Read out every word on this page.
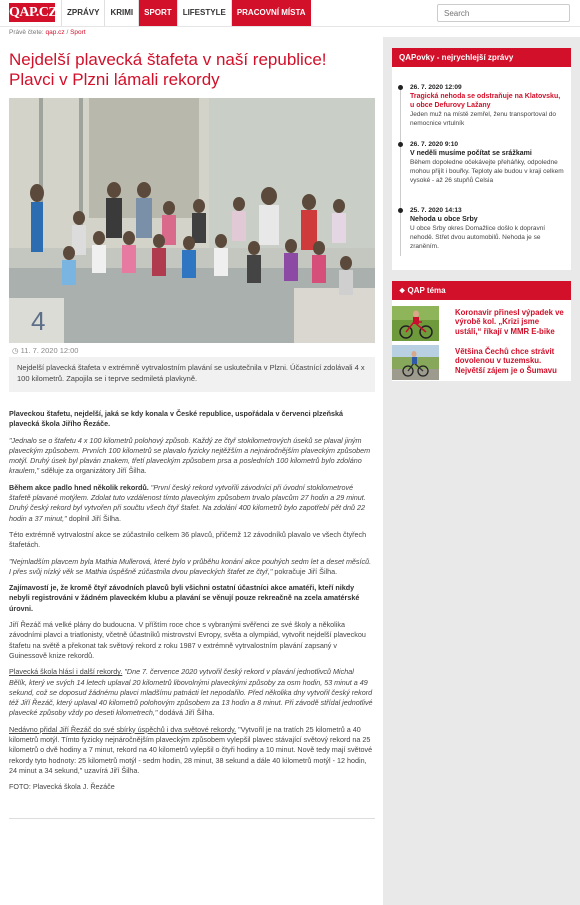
QAP.CZ	ZPRÁVY	KRIMI	SPORT	LIFESTYLE	PRACOVNÍ MÍSTA
Search
Právě čtete: qap.cz / Sport
Nejdelší plavecká štafeta v naší republice! Plavci v Plzni lámali rekordy
4
◷ 11. 7. 2020 12:00
Nejdelší plavecká štafeta v extrémně vytrvalostním plavání se uskutečnila v Plzni. Účastnící zdolávali 4 x 100 kilometrů. Zapojila se i teprve sedmiletá plavkyně.

Plaveckou štafetu, nejdelší, jaká se kdy konala v České republice, uspořádala v červenci plzeňská plavecká škola Jiřího Řezáče.

"Jednalo se o štafetu 4 x 100 kilometrů polohový způsob. Každý ze čtyř stokilometrových úseků se plaval jiným plaveckým způsobem. Prvních 100 kilometrů se plavalo fyzicky nejtěžším a nejnáročnějším plaveckým způsobem motýl. Druhý úsek byl plaván znakem, třetí plaveckým způsobem prsa a posledních 100 kilometrů bylo zdoláno kraulem," sděluje za organizátory Jiří Šilha.

Během akce padlo hned několik rekordů. "První český rekord vytvořili závodníci při úvodní stokilometrové štafetě plavané motýlem. Zdolat tuto vzdálenost tímto plaveckým způsobem trvalo plavcům 27 hodin a 29 minut. Druhý český rekord byl vytvořen při součtu všech čtyř štafet. Na zdolání 400 kilometrů bylo zapotřebí pět dnů 22 hodin a 37 minut," doplnil Jiří Šilha.

Této extrémně vytrvalostní akce se zúčastnilo celkem 36 plavců, přičemž 12 závodníků plavalo ve všech čtyřech štafetách.

"Nejmladším plavcem byla Mathia Mullerová, které bylo v průběhu konání akce pouhých sedm let a deset měsíců. I přes svůj nízký věk se Mathia úspěšně zúčastnila dvou plaveckých štafet ze čtyř," pokračuje Jiří Šilha.

Zajímavostí je, že kromě čtyř závodních plavců byli všichni ostatní účastníci akce amatéři, kteří nikdy nebyli registrováni v žádném plaveckém klubu a plavání se věnují pouze rekreačně na zcela amatérské úrovni.

Jiří Řezáč má velké plány do budoucna. V příštím roce chce s vybranými svěřenci ze své školy a několika závodními plavci a triatlonisty, včetně účastníků mistrovství Evropy, světa a olympiád, vytvořit nejdelší plaveckou štafetu na světě a překonat tak světový rekord z roku 1987 v extrémně vytrvalostním plavání zapsaný v Guinessově knize rekordů.

Plavecká škola hlásí i další rekordy. "Dne 7. července 2020 vytvořil český rekord v plavání jednotlivců Michal Bělík, který ve svých 14 letech uplaval 20 kilometrů libovolnými plaveckými způsoby za osm hodin, 53 minut a 49 sekund, což se doposud žádnému plavci mladšímu patnácti let nepodařilo. Před několika dny vytvořil český rekord též Jiří Řezáč, který uplaval 40 kilometrů polohovým způsobem za 13 hodin a 8 minut. Při závodě střídal jednotlivé plavecké způsoby vždy po deseti kilometrech," dodává Jiří Šilha.

Nedávno přidal Jiří Řezáč do své sbírky úspěchů i dva světové rekordy. "Vytvořil je na tratích 25 kilometrů a 40 kilometrů motýl. Tímto fyzicky nejnáročnějším plaveckým způsobem vylepšil plavec stávající světový rekord na 25 kilometrů o dvě hodiny a 7 minut, rekord na 40 kilometrů vylepšil o čtyři hodiny a 10 minut. Nově tedy mají světové rekordy tyto hodnoty: 25 kilometrů motýl - sedm hodin, 28 minut, 38 sekund a dále 40 kilometrů motýl - 12 hodin, 24 minut a 34 sekund," uzavírá Jiří Šilha.

FOTO: Plavecká škola J. Řezáče

QAPovky - nejrychlejší zprávy
26. 7. 2020 12:09
Tragická nehoda se odstraňuje na Klatovsku, u obce Defurovy Lažany
Jeden muž na místě zemřel, ženu transportoval do nemocnice vrtulník
26. 7. 2020 9:10
V neděli musíme počítat se srážkami
Během dopoledne očekávejte přeháňky, odpoledne mohou přijít i bouřky. Teploty ale budou v kraji celkem vysoké - až 26 stupňů Celsia
25. 7. 2020 14:13
Nehoda u obce Srby
U obce Srby okres Domažlice došlo k dopravní nehodě. Střet dvou automobilů. Nehoda je se zraněním.
❖ QAP téma
Koronavir přinesl výpadek ve výrobě kol. „Krizi jsme ustáli,“ říkají v MMR E-bike
Většina Čechů chce strávit dovolenou v tuzemsku. Největší zájem je o Šumavu
